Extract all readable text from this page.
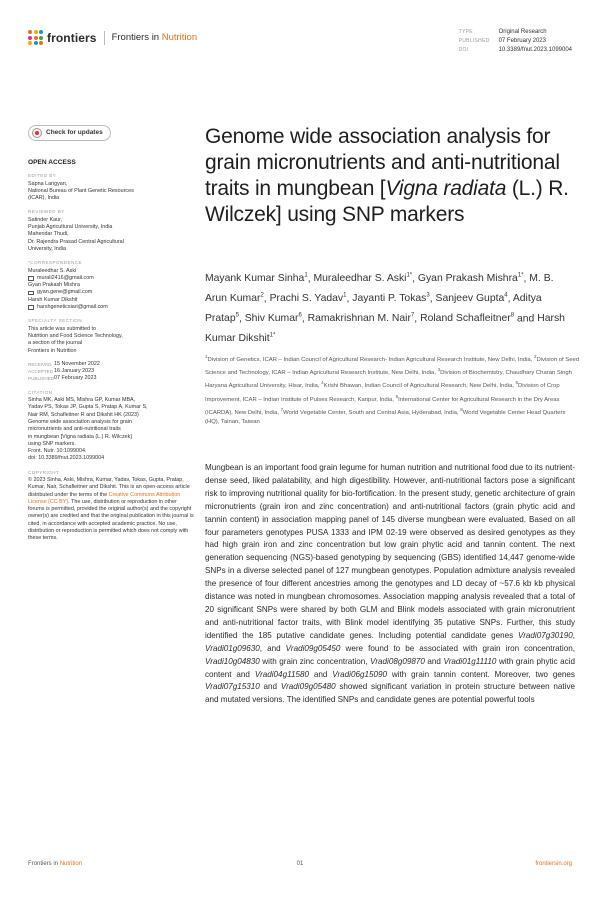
frontiers Frontiers in Nutrition	TYPE	Original Research
PUBLISHED	07 February 2023
DOI	10.3389/fnut.2023.1099004
Check for updates
OPEN ACCESS
EDITED BY
Sapna Langyan,
National Bureau of Plant Genetic Resources
(ICAR), India
REVIEWED BY
Satinder Kaur,
Punjab Agricultural University, India
Mahendar Thudi,
Dr. Rajendra Prasad Central Agricultural
University, India
*CORRESPONDENCE
Muraleedhar S. Aski
murali2416@gmail.com
Gyan Prakash Mishra
gyan.gene@gmail.com
Harsh Kumar Dikshit
harshgeneticsiari@gmail.com
SPECIALTY SECTION
This article was submitted to
Nutrition and Food Science Technology,
a section of the journal
Frontiers in Nutrition
RECEIVED 15 November 2022
ACCEPTED 16 January 2023
PUBLISHED 07 February 2023
CITATION
Sinha MK, Aski MS, Mishra GP, Kumar MBA,
Yadav PS, Tokas JP, Gupta S, Pratap A, Kumar S,
Nair RM, Schafleitner R and Dikshit HK (2023)
Genome wide association analysis for grain
micronutrients and anti-nutritional traits
in mungbean [Vigna radiata (L.) R. Wilczek]
using SNP markers.
Front. Nutr. 10:1099004.
doi: 10.3389/fnut.2023.1099004
COPYRIGHT
© 2023 Sinha, Aski, Mishra, Kumar, Yadav, Tokas, Gupta, Pratap, Kumar, Nair, Schafleitner and Dikshit. This is an open-access article distributed under the terms of the Creative Commons Attribution License (CC BY). The use, distribution or reproduction in other forums is permitted, provided the original author(s) and the copyright owner(s) are credited and that the original publication in this journal is cited, in accordance with accepted academic practice. No use, distribution or reproduction is permitted which does not comply with these terms.
Genome wide association analysis for grain micronutrients and anti-nutritional traits in mungbean [Vigna radiata (L.) R. Wilczek] using SNP markers
Mayank Kumar Sinha$^1$, Muraleedhar S. Aski$^{1*}$, Gyan Prakash Mishra$^{1*}$, M. B. Arun Kumar$^2$, Prachi S. Yadav$^1$, Jayanti P. Tokas$^3$, Sanjeev Gupta$^4$, Aditya Pratap$^5$, Shiv Kumar$^6$, Ramakrishnan M. Nair$^7$, Roland Schafleitner$^8$ and Harsh Kumar Dikshit$^{1*}$
$^1$Division of Genetics, ICAR – Indian Council of Agricultural Research- Indian Agricultural Research Institute, New Delhi, India, $^2$Division of Seed Science and Technology, ICAR – Indian Agricultural Research Institute, New Delhi, India, $^3$Division of Biochemistry, Chaudhary Charan Singh Haryana Agricultural University, Hisar, India, $^4$Krishi Bhawan, Indian Council of Agricultural Research, New Delhi, India, $^5$Division of Crop Improvement, ICAR – Indian Institute of Pulses Research, Kanpur, India, $^6$International Center for Agricultural Research in the Dry Areas (ICARDA), New Delhi, India, $^7$World Vegetable Center, South and Central Asia, Hyderabad, India, $^8$World Vegetable Center Head Quarters (HQ), Tainan, Taiwan
Mungbean is an important food grain legume for human nutrition and nutritional food due to its nutrient-dense seed, liked palatability, and high digestibility. However, anti-nutritional factors pose a significant risk to improving nutritional quality for bio-fortification. In the present study, genetic architecture of grain micronutrients (grain iron and zinc concentration) and anti-nutritional factors (grain phytic acid and tannin content) in association mapping panel of 145 diverse mungbean were evaluated. Based on all four parameters genotypes PUSA 1333 and IPM 02-19 were observed as desired genotypes as they had high grain iron and zinc concentration but low grain phytic acid and tannin content. The next generation sequencing (NGS)-based genotyping by sequencing (GBS) identified 14,447 genome-wide SNPs in a diverse selected panel of 127 mungbean genotypes. Population admixture analysis revealed the presence of four different ancestries among the genotypes and LD decay of ~57.6 kb kb physical distance was noted in mungbean chromosomes. Association mapping analysis revealed that a total of 20 significant SNPs were shared by both GLM and Blink models associated with grain micronutrient and anti-nutritional factor traits, with Blink model identifying 35 putative SNPs. Further, this study identified the 185 putative candidate genes. Including potential candidate genes Vradi07g30190, Vradi01g09630, and Vradi09g05450 were found to be associated with grain iron concentration, Vradi10g04830 with grain zinc concentration, Vradi08g09870 and Vradi01g11110 with grain phytic acid content and Vradi04g11580 and Vradi06g15090 with grain tannin content. Moreover, two genes Vradi07g15310 and Vradi09g05480 showed significant variation in protein structure between native and mutated versions. The identified SNPs and candidate genes are potential powerful tools
Frontiers in Nutrition	01	frontiersin.org
